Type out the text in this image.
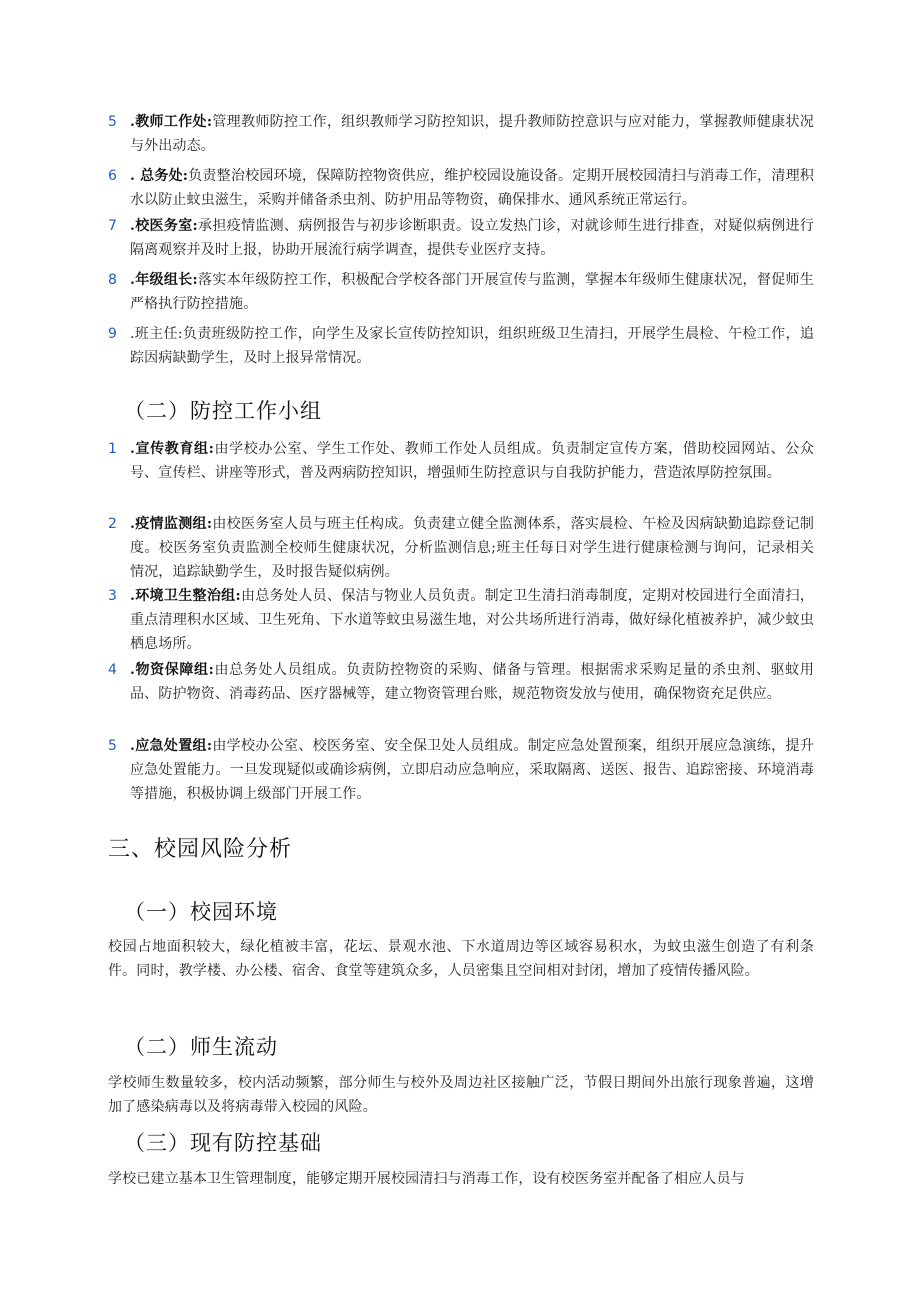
5 .教师工作处:管理教师防控工作，组织教师学习防控知识，提升教师防控意识与应对能力，掌握教师健康状况与外出动态。
6 . 总务处:负责整治校园环境，保障防控物资供应，维护校园设施设备。定期开展校园清扫与消毒工作，清理积水以防止蚊虫滋生，采购并储备杀虫剂、防护用品等物资，确保排水、通风系统正常运行。
7 .校医务室:承担疫情监测、病例报告与初步诊断职责。设立发热门诊，对就诊师生进行排查，对疑似病例进行隔离观察并及时上报，协助开展流行病学调查，提供专业医疗支持。
8 .年级组长:落实本年级防控工作，积极配合学校各部门开展宣传与监测，掌握本年级师生健康状况，督促师生严格执行防控措施。
9 .班主任:负责班级防控工作，向学生及家长宣传防控知识，组织班级卫生清扫，开展学生晨检、午检工作，追踪因病缺勤学生，及时上报异常情况。
（二）防控工作小组
1 .宣传教育组:由学校办公室、学生工作处、教师工作处人员组成。负责制定宣传方案，借助校园网站、公众号、宣传栏、讲座等形式，普及两病防控知识，增强师生防控意识与自我防护能力，营造浓厚防控氛围。
2 .疫情监测组:由校医务室人员与班主任构成。负责建立健全监测体系，落实晨检、午检及因病缺勤追踪登记制度。校医务室负责监测全校师生健康状况，分析监测信息;班主任每日对学生进行健康检测与询问，记录相关情况，追踪缺勤学生，及时报告疑似病例。
3 .环境卫生整治组:由总务处人员、保洁与物业人员负责。制定卫生清扫消毒制度，定期对校园进行全面清扫，重点清理积水区域、卫生死角、下水道等蚊虫易滋生地，对公共场所进行消毒，做好绿化植被养护，减少蚊虫栖息场所。
4 .物资保障组:由总务处人员组成。负责防控物资的采购、储备与管理。根据需求采购足量的杀虫剂、驱蚊用品、防护物资、消毒药品、医疗器械等，建立物资管理台账，规范物资发放与使用，确保物资充足供应。
5 .应急处置组:由学校办公室、校医务室、安全保卫处人员组成。制定应急处置预案，组织开展应急演练，提升应急处置能力。一旦发现疑似或确诊病例，立即启动应急响应，采取隔离、送医、报告、追踪密接、环境消毒等措施，积极协调上级部门开展工作。
三、校园风险分析
（一）校园环境

校园占地面积较大，绿化植被丰富，花坛、景观水池、下水道周边等区域容易积水，为蚊虫滋生创造了有利条件。同时，教学楼、办公楼、宿舍、食堂等建筑众多，人员密集且空间相对封闭，增加了疫情传播风险。

（二）师生流动

学校师生数量较多，校内活动频繁，部分师生与校外及周边社区接触广泛，节假日期间外出旅行现象普遍，这增加了感染病毒以及将病毒带入校园的风险。

（三）现有防控基础

学校已建立基本卫生管理制度，能够定期开展校园清扫与消毒工作，设有校医务室并配备了相应人员与
